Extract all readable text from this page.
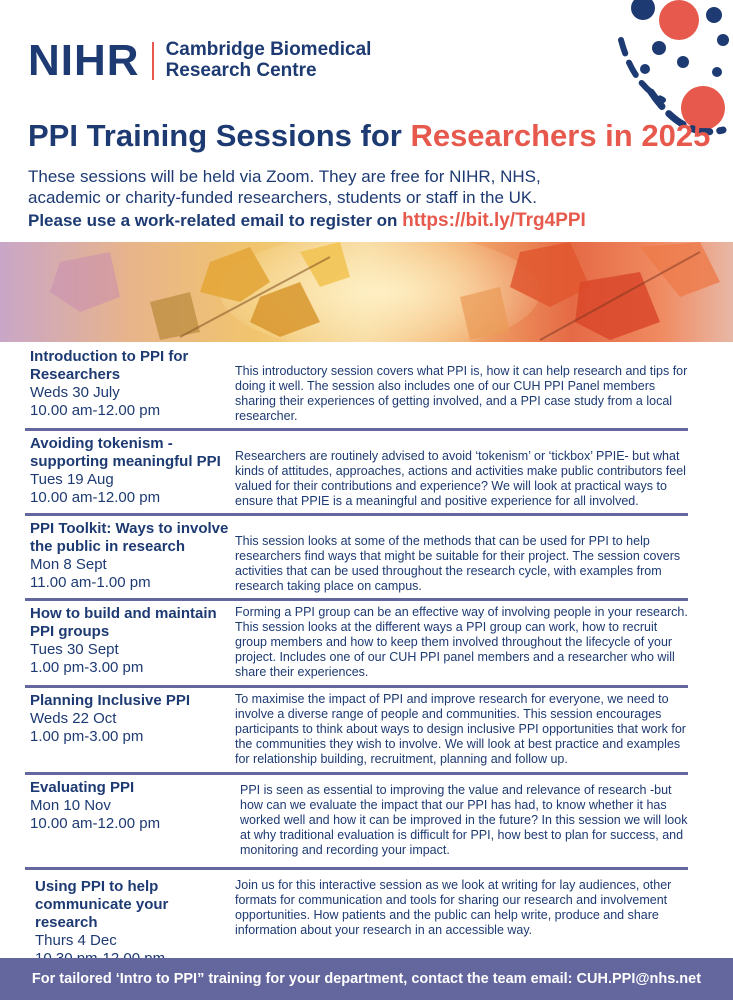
NIHR Cambridge Biomedical
Research Centre
PPI Training Sessions for Researchers in 2025
These sessions will be held via Zoom. They are free for NIHR, NHS, academic or charity-funded researchers, students or staff in the UK.
Please use a work-related email to register on https://bit.ly/Trg4PPI
Introduction to PPI for Researchers
Weds 30 July
10.00 am-12.00 pm
This introductory session covers what PPI is, how it can help research and tips for doing it well. The session also includes one of our CUH PPI Panel members sharing their experiences of getting involved, and a PPI case study from a local researcher.
Avoiding tokenism - supporting meaningful PPI
Tues 19 Aug
10.00 am-12.00 pm
Researchers are routinely advised to avoid ‘tokenism’ or ‘tickbox’ PPIE- but what kinds of attitudes, approaches, actions and activities make public contributors feel valued for their contributions and experience? We will look at practical ways to ensure that PPIE is a meaningful and positive experience for all involved.
PPI Toolkit: Ways to involve the public in research
Mon 8 Sept
11.00 am-1.00 pm
This session looks at some of the methods that can be used for PPI to help researchers find ways that might be suitable for their project. The session covers activities that can be used throughout the research cycle, with examples from research taking place on campus.
How to build and maintain PPI groups
Tues 30 Sept
1.00 pm-3.00 pm
Forming a PPI group can be an effective way of involving people in your research. This session looks at the different ways a PPI group can work, how to recruit group members and how to keep them involved throughout the lifecycle of your project. Includes one of our CUH PPI panel members and a researcher who will share their experiences.
Planning Inclusive PPI
Weds 22 Oct
1.00 pm-3.00 pm
To maximise the impact of PPI and improve research for everyone, we need to involve a diverse range of people and communities. This session encourages participants to think about ways to design inclusive PPI opportunities that work for the communities they wish to involve. We will look at best practice and examples for relationship building, recruitment, planning and follow up.
Evaluating PPI
Mon 10 Nov
10.00 am-12.00 pm
PPI is seen as essential to improving the value and relevance of research -but how can we evaluate the impact that our PPI has had, to know whether it has worked well and how it can be improved in the future? In this session we will look at why traditional evaluation is difficult for PPI, how best to plan for success, and monitoring and recording your impact.
Using PPI to help communicate your research
Thurs 4 Dec
Join us for this interactive session as we look at writing for lay audiences, other formats for communication and tools for sharing our research and involvement opportunities. How patients and the public can help write, produce and share information about your research in an accessible way.
For tailored ‘Intro to PPI” training for your department, contact the team email: CUH.PPI@nhs.net
